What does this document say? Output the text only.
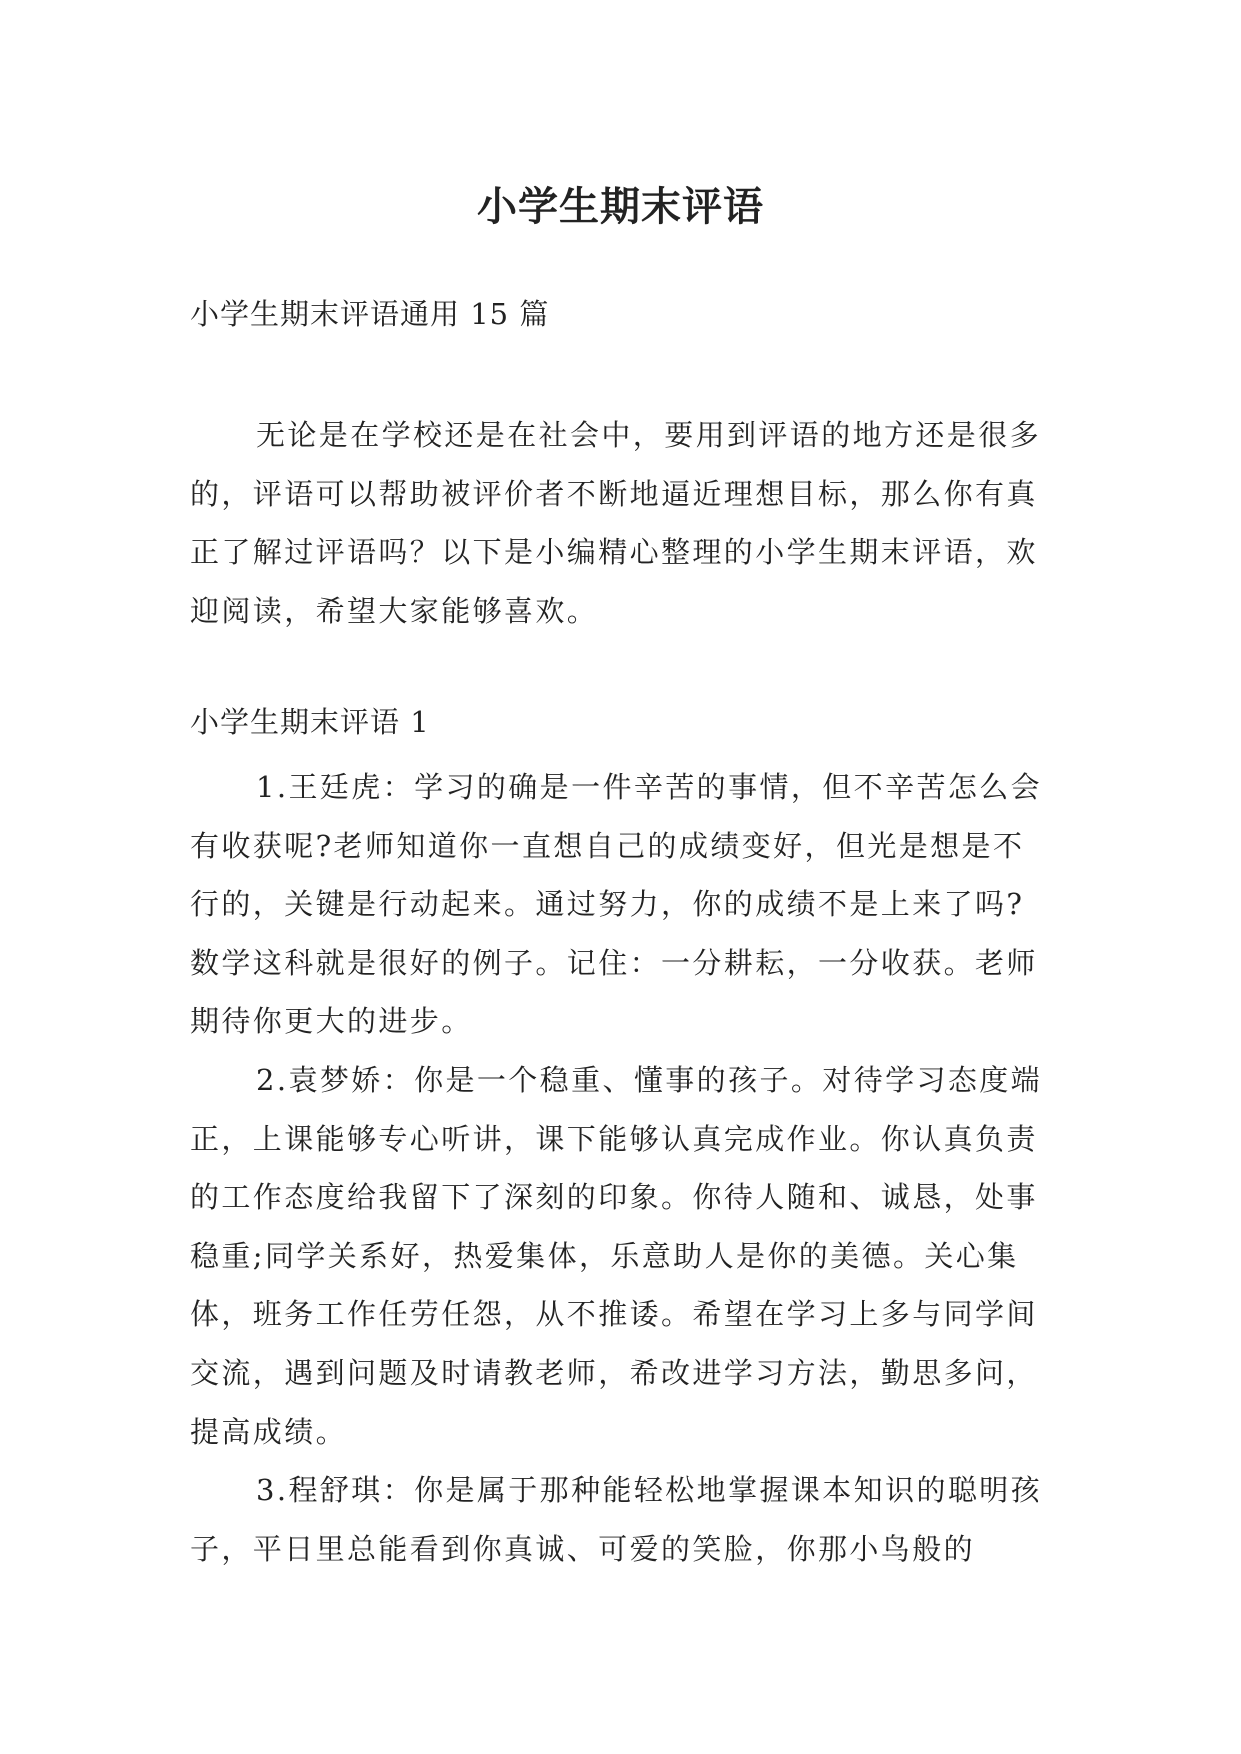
小学生期末评语
小学生期末评语通用 15 篇

无论是在学校还是在社会中，要用到评语的地方还是很多的，评语可以帮助被评价者不断地逼近理想目标，那么你有真正了解过评语吗？以下是小编精心整理的小学生期末评语，欢迎阅读，希望大家能够喜欢。

小学生期末评语 1
1.王廷虎：学习的确是一件辛苦的事情，但不辛苦怎么会有收获呢?老师知道你一直想自己的成绩变好，但光是想是不行的，关键是行动起来。通过努力，你的成绩不是上来了吗?数学这科就是很好的例子。记住：一分耕耘，一分收获。老师期待你更大的进步。
2.袁梦娇：你是一个稳重、懂事的孩子。对待学习态度端正，上课能够专心听讲，课下能够认真完成作业。你认真负责的工作态度给我留下了深刻的印象。你待人随和、诚恳，处事稳重;同学关系好，热爱集体，乐意助人是你的美德。关心集体，班务工作任劳任怨，从不推诿。希望在学习上多与同学间交流，遇到问题及时请教老师，希改进学习方法，勤思多问，提高成绩。
3.程舒琪：你是属于那种能轻松地掌握课本知识的聪明孩子，平日里总能看到你真诚、可爱的笑脸，你那小鸟般的
